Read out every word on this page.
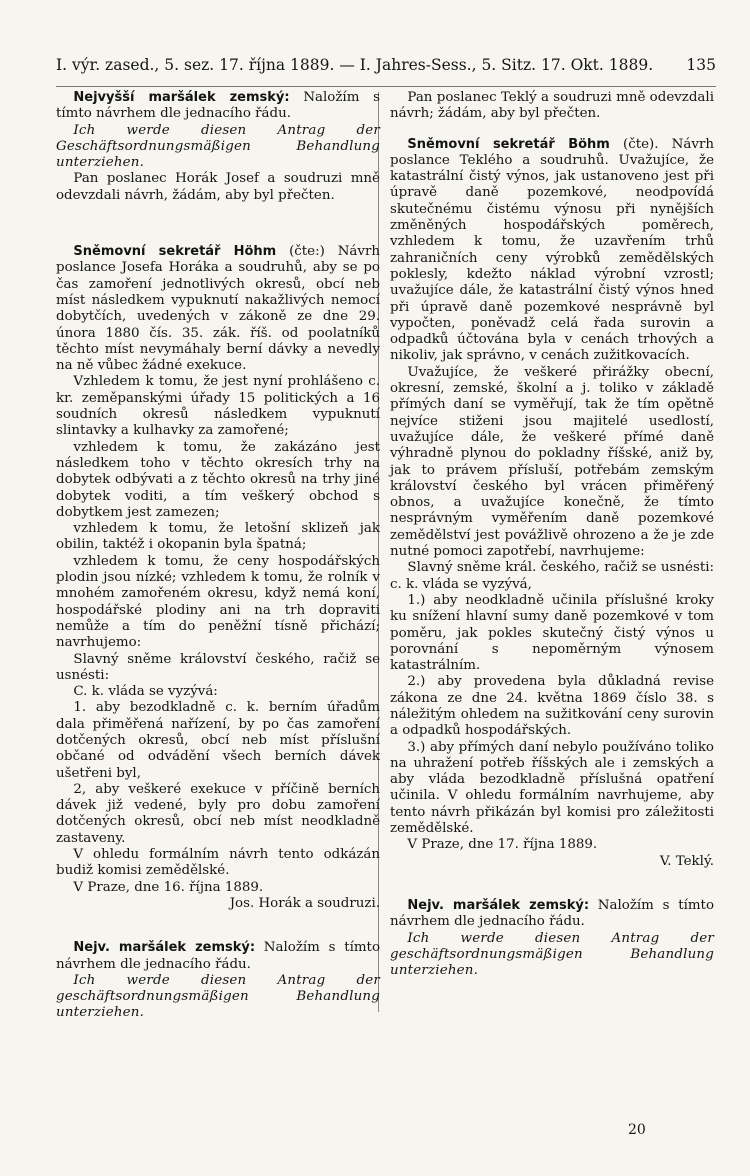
I. výr. zased., 5. sez. 17. října 1889. — I. Jahres-Sess., 5. Sitz. 17. Okt. 1889. 135

Nejvyšší maršálek zemský: Naložím s tímto návrhem dle jednacího řádu.

Ich werde diesen Antrag der Geschäftsordnungsmäßigen Behandlung unterziehen.

Pan poslanec Horák Josef a soudruzi mně odevzdali návrh, žádám, aby byl přečten.

Sněmovní sekretář Höhm (čte:) Návrh poslance Josefa Horáka a soudruhů, aby se po čas zamoření jednotlivých okresů, obcí neb míst následkem vypuknutí nakažlivých nemocí dobytčích, uvedených v zákoně ze dne 29. února 1880 čís. 35. zák. říš. od poolatníků těchto míst nevymáhaly berní dávky a nevedly na ně vůbec žádné exekuce.

Vzhledem k tomu, že jest nyní prohlášeno c. kr. zeměpanskými úřady 15 politických a 16 soudních okresů následkem vypuknutí slintavky a kulhavky za zamořené;

vzhledem k tomu, že zakázáno jest následkem toho v těchto okresích trhy na dobytek odbývati a z těchto okresů na trhy jiné dobytek voditi, a tím veškerý obchod s dobytkem jest zamezen;

vzhledem k tomu, že letošní sklizeň jak obilin, taktéž i okopanin byla špatná;

vzhledem k tomu, že ceny hospodářských plodin jsou nízké; vzhledem k tomu, že rolník v mnohém zamořeném okresu, když nemá koní, hospodářské plodiny ani na trh dopraviti nemůže a tím do peněžní tísně přichází; navrhujemo:

Slavný sněme království českého, račiž se usnésti:

C. k. vláda se vyzývá:

1. aby bezodkladně c. k. berním úřadům dala přiměřená nařízení, by po čas zamoření dotčených okresů, obcí neb míst příslušní občané od odvádění všech berních dávek ušetřeni byl,

2, aby veškeré exekuce v příčině berních dávek již vedené, byly pro dobu zamoření dotčených okresů, obcí neb míst neodkladně zastaveny.

V ohledu formálním návrh tento odkázán budiž komisi zemědělské.

V Praze, dne 16. října 1889.

Jos. Horák a soudruzi.

Nejv. maršálek zemský: Naložím s tímto návrhem dle jednacího řádu.

Ich werde diesen Antrag der geschäftsordnungsmäßigen Behandlung unterziehen.

Pan poslanec Teklý a soudruzi mně odevzdali návrh; žádám, aby byl přečten.

Sněmovní sekretář Böhm (čte). Návrh poslance Teklého a soudruhů. Uvažujíce, že katastrální čistý výnos, jak ustanoveno jest při úpravě daně pozemkové, neodpovídá skutečnému čistému výnosu při nynějších změněných hospodářských poměrech, vzhledem k tomu, že uzavřením trhů zahraničních ceny výrobků zemědělských poklesly, kdežto náklad výrobní vzrostl; uvažujíce dále, že katastrální čistý výnos hned při úpravě daně pozemkové nesprávně byl vypočten, poněvadž celá řada surovin a odpadků účtována byla v cenách trhových a nikoliv, jak správno, v cenách zužitkovacích.

Uvažujíce, že veškeré přirážky obecní, okresní, zemské, školní a j. toliko v základě přímých daní se vyměřují, tak že tím opětně nejvíce stiženi jsou majitelé usedlostí, uvažujíce dále, že veškeré přímé daně výhradně plynou do pokladny říšské, aniž by, jak to právem přísluší, potřebám zemským království českého byl vrácen přiměřený obnos, a uvažujíce konečně, že tímto nesprávným vyměřením daně pozemkové zemědělství jest povážlivě ohrozeno a že je zde nutné pomoci zapotřebí, navrhujeme:

Slavný sněme král. českého, račiž se usnésti: c. k. vláda se vyzývá,

1.) aby neodkladně učinila příslušné kroky ku snížení hlavní sumy daně pozemkové v tom poměru, jak pokles skutečný čistý výnos u porovnání s nepoměrným výnosem katastrálním.

2.) aby provedena byla důkladná revise zákona ze dne 24. května 1869 číslo 38. s náležitým ohledem na sužitkování ceny surovin a odpadků hospodářských.

3.) aby přímých daní nebylo používáno toliko na uhražení potřeb říšských ale i zemských a aby vláda bezodkladně příslušná opatření učinila. V ohledu formálním navrhujeme, aby tento návrh přikázán byl komisi pro záležitosti zemědělské.

V Praze, dne 17. října 1889.

V. Teklý.

Nejv. maršálek zemský: Naložím s tímto návrhem dle jednacího řádu.

Ich werde diesen Antrag der geschäftsordnungsmäßigen Behandlung unterziehen.

20
